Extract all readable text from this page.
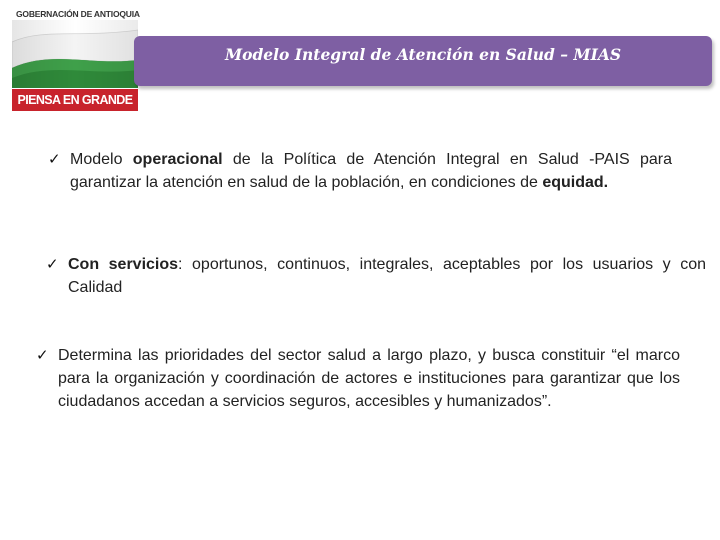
GOBERNACIÓN DE ANTIOQUIA
PIENSA EN GRANDE
Modelo Integral de Atención en Salud – MIAS
✓ Modelo operacional de la Política de Atención Integral en Salud -PAIS para garantizar la atención en salud de la población, en condiciones de equidad.
✓ Con servicios: oportunos, continuos, integrales, aceptables por los usuarios y con Calidad
✓ Determina las prioridades del sector salud a largo plazo, y busca constituir “el marco para la organización y coordinación de actores e instituciones para garantizar que los ciudadanos accedan a servicios seguros, accesibles y humanizados”.
